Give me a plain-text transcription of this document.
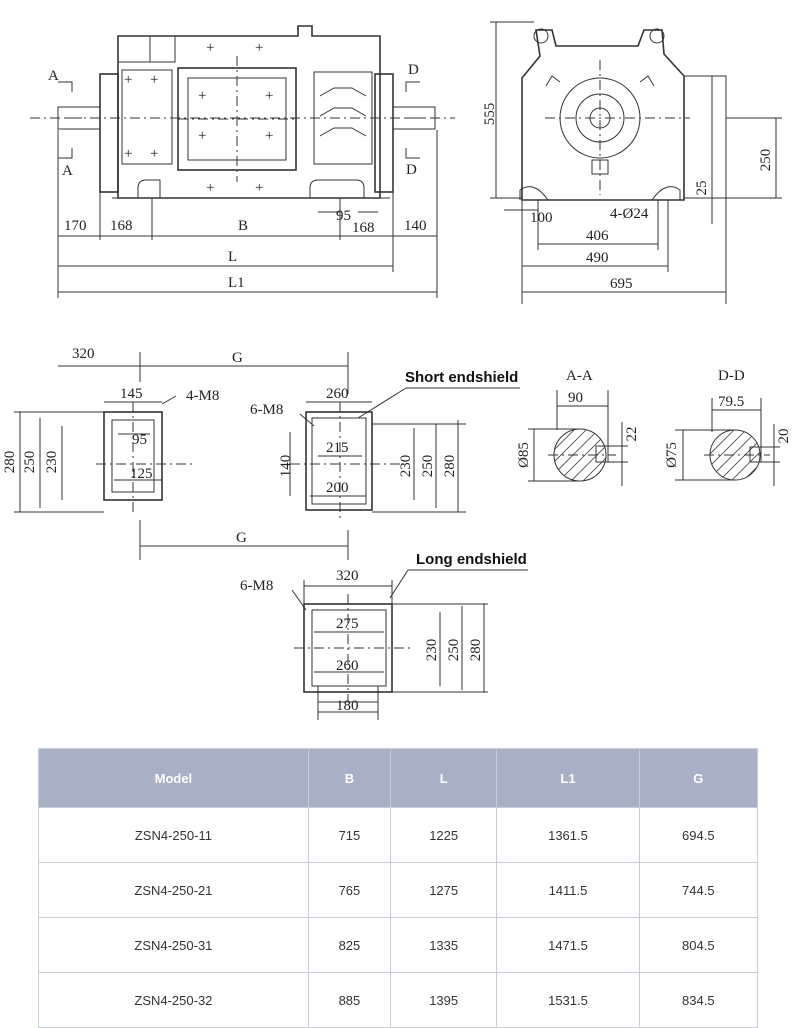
+	+
+	+
+	+
+	+
+ +
+ +
A
A
D
D
170 168	B
95
168 140
L
L1
555
250
25
100	4-Ø24
406
490
695
320	G
145	4-M8
95
125
280 250 230
260
6-M8
215
200
140	230 250 280
Short endshield	A-A
90
Ø85
22
D-D
79.5
Ø75
20
G
6-M8
320
275
260
180
230 250 280
Long endshield
Model	B	L	L1	G
ZSN4-250-11	715	1225	1361.5	694.5
ZSN4-250-21	765	1275	1411.5	744.5
ZSN4-250-31	825	1335	1471.5	804.5
ZSN4-250-32	885	1395	1531.5	834.5
